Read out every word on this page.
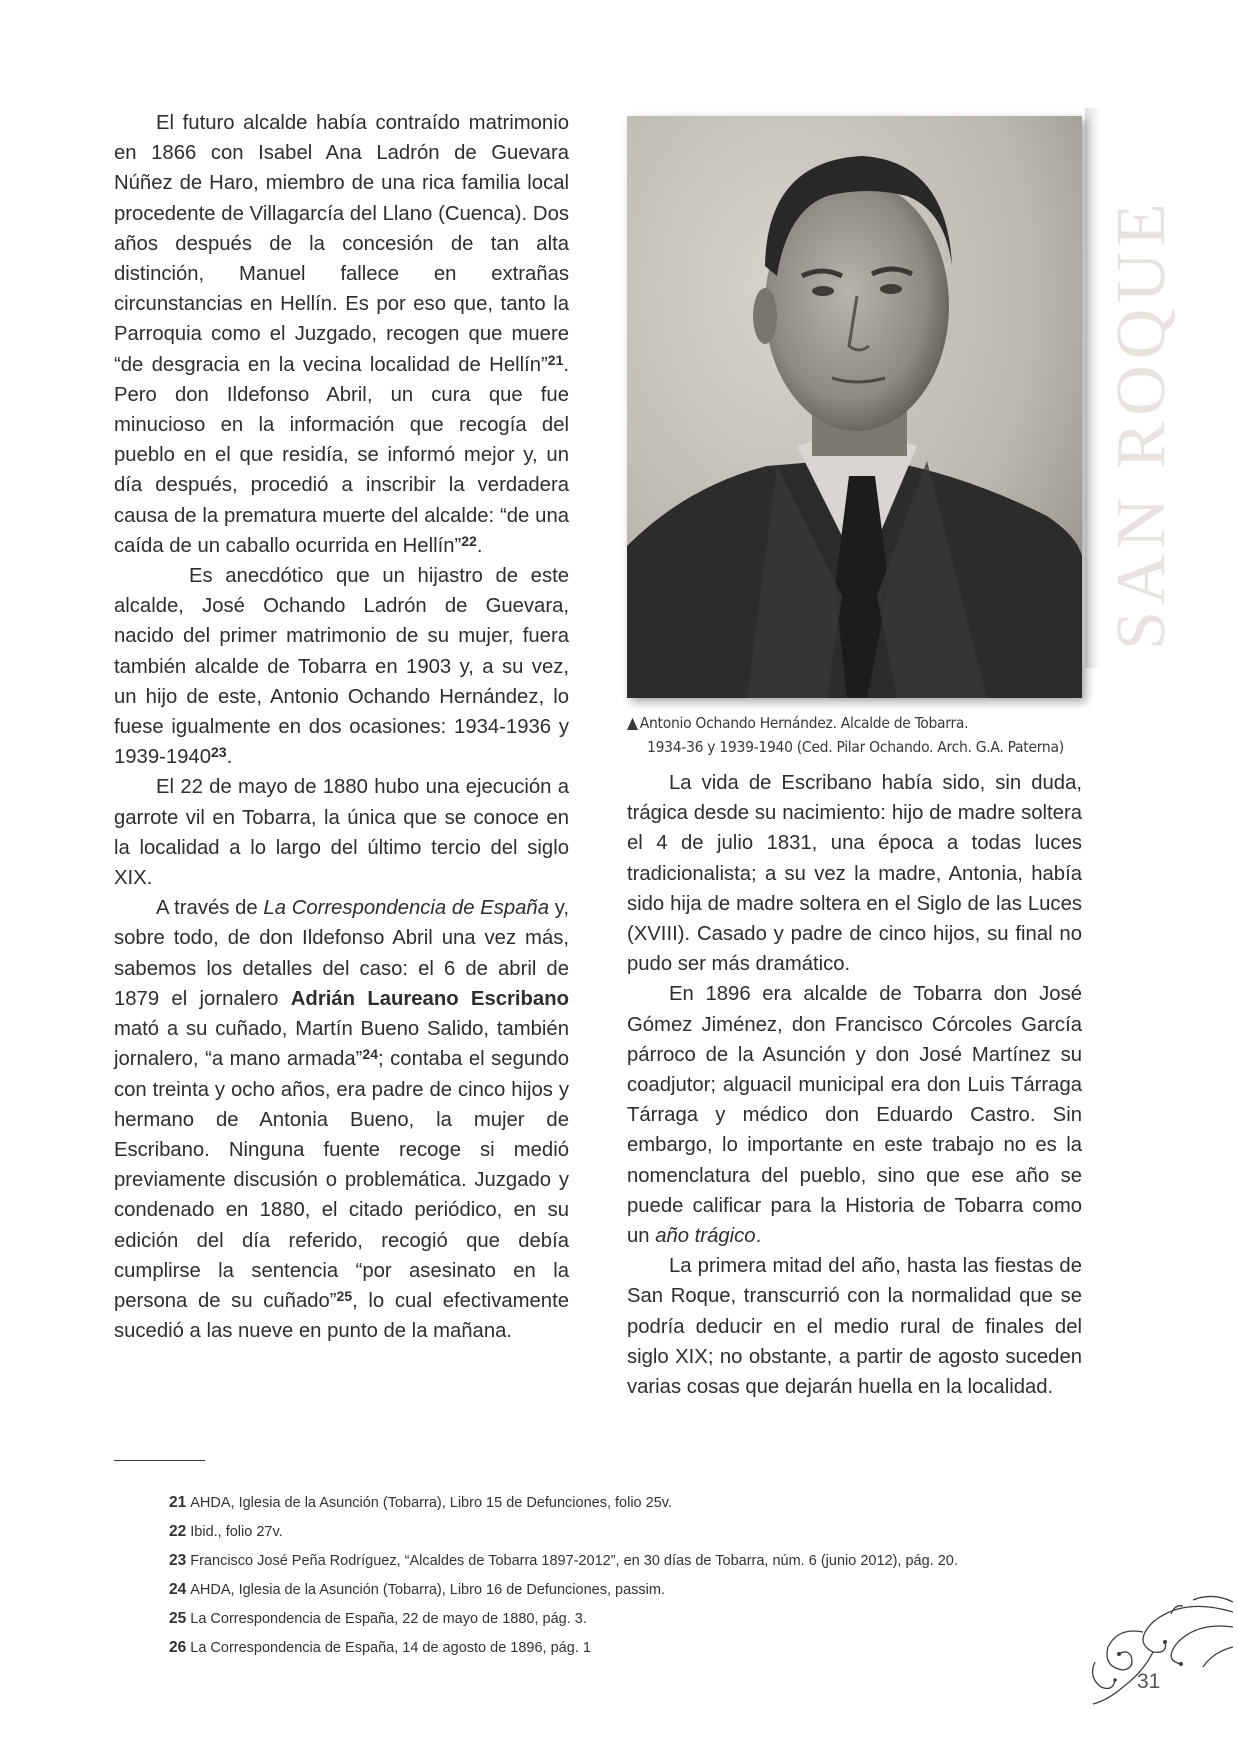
SAN ROQUE

El futuro alcalde había contraído matrimonio en 1866 con Isabel Ana Ladrón de Guevara Núñez de Haro, miembro de una rica familia local procedente de Villagarcía del Llano (Cuenca). Dos años después de la concesión de tan alta distinción, Manuel fallece en extrañas circunstancias en Hellín. Es por eso que, tanto la Parroquia como el Juzgado, recogen que muere “de desgracia en la vecina localidad de Hellín”$^{21}$. Pero don Ildefonso Abril, un cura que fue minucioso en la información que recogía del pueblo en el que residía, se informó mejor y, un día después, procedió a inscribir la verdadera causa de la prematura muerte del alcalde: “de una caída de un caballo ocurrida en Hellín”$^{22}$.

Es anecdótico que un hijastro de este alcalde, José Ochando Ladrón de Guevara, nacido del primer matrimonio de su mujer, fuera también alcalde de Tobarra en 1903 y, a su vez, un hijo de este, Antonio Ochando Hernández, lo fuese igualmente en dos ocasiones: 1934-1936 y 1939-1940$^{23}$.

El 22 de mayo de 1880 hubo una ejecución a garrote vil en Tobarra, la única que se conoce en la localidad a lo largo del último tercio del siglo XIX.

A través de La Correspondencia de España y, sobre todo, de don Ildefonso Abril una vez más, sabemos los detalles del caso: el 6 de abril de 1879 el jornalero Adrián Laureano Escribano mató a su cuñado, Martín Bueno Salido, también jornalero, “a mano armada”$^{24}$; contaba el segundo con treinta y ocho años, era padre de cinco hijos y hermano de Antonia Bueno, la mujer de Escribano. Ninguna fuente recoge si medió previamente discusión o problemática. Juzgado y condenado en 1880, el citado periódico, en su edición del día referido, recogió que debía cumplirse la sentencia “por asesinato en la persona de su cuñado”$^{25}$, lo cual efectivamente sucedió a las nueve en punto de la mañana.

▲ Antonio Ochando Hernández. Alcalde de Tobarra.
1934-36 y 1939-1940 (Ced. Pilar Ochando. Arch. G.A. Paterna)

La vida de Escribano había sido, sin duda, trágica desde su nacimiento: hijo de madre soltera el 4 de julio 1831, una época a todas luces tradicionalista; a su vez la madre, Antonia, había sido hija de madre soltera en el Siglo de las Luces (XVIII). Casado y padre de cinco hijos, su final no pudo ser más dramático.

En 1896 era alcalde de Tobarra don José Gómez Jiménez, don Francisco Córcoles García párroco de la Asunción y don José Martínez su coadjutor; alguacil municipal era don Luis Tárraga Tárraga y médico don Eduardo Castro. Sin embargo, lo importante en este trabajo no es la nomenclatura del pueblo, sino que ese año se puede calificar para la Historia de Tobarra como un año trágico.

La primera mitad del año, hasta las fiestas de San Roque, transcurrió con la normalidad que se podría deducir en el medio rural de finales del siglo XIX; no obstante, a partir de agosto suceden varias cosas que dejarán huella en la localidad.

21 AHDA, Iglesia de la Asunción (Tobarra), Libro 15 de Defunciones, folio 25v.
22 Ibid., folio 27v.
23 Francisco José Peña Rodríguez, “Alcaldes de Tobarra 1897-2012”, en 30 días de Tobarra, núm. 6 (junio 2012), pág. 20.
24 AHDA, Iglesia de la Asunción (Tobarra), Libro 16 de Defunciones, passim.
25 La Correspondencia de España, 22 de mayo de 1880, pág. 3.
26 La Correspondencia de España, 14 de agosto de 1896, pág. 1
31
